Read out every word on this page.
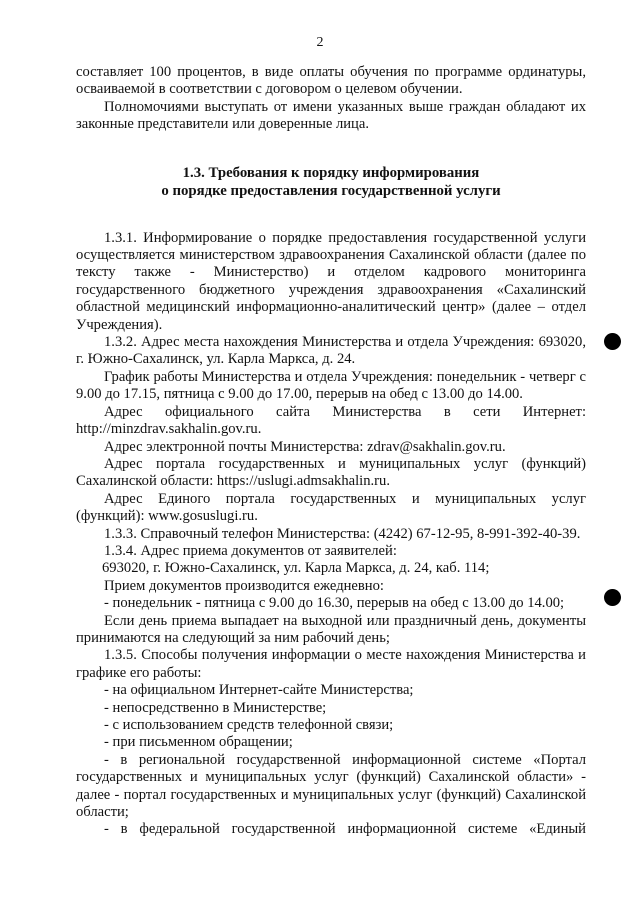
2

составляет 100 процентов, в виде оплаты обучения по программе ординатуры, осваиваемой в соответствии с договором о целевом обучении.

Полномочиями выступать от имени указанных выше граждан обладают их законные представители или доверенные лица.

1.3. Требования к порядку информирования

о порядке предоставления государственной услуги

1.3.1. Информирование о порядке предоставления государственной услуги осуществляется министерством здравоохранения Сахалинской области (далее по тексту также - Министерство) и отделом кадрового мониторинга государственного бюджетного учреждения здравоохранения «Сахалинский областной медицинский информационно-аналитический центр» (далее – отдел Учреждения).

1.3.2. Адрес места нахождения Министерства и отдела Учреждения: 693020, г. Южно-Сахалинск, ул. Карла Маркса, д. 24.

График работы Министерства и отдела Учреждения: понедельник - четверг с 9.00 до 17.15, пятница с 9.00 до 17.00, перерыв на обед с 13.00 до 14.00.

Адрес официального сайта Министерства в сети Интернет: http://minzdrav.sakhalin.gov.ru.

Адрес электронной почты Министерства: zdrav@sakhalin.gov.ru.

Адрес портала государственных и муниципальных услуг (функций) Сахалинской области: https://uslugi.admsakhalin.ru.

Адрес Единого портала государственных и муниципальных услуг (функций): www.gosuslugi.ru.

1.3.3. Справочный телефон Министерства: (4242) 67-12-95, 8-991-392-40-39.

1.3.4. Адрес приема документов от заявителей:

693020, г. Южно-Сахалинск, ул. Карла Маркса, д. 24, каб. 114;

Прием документов производится ежедневно:

- понедельник - пятница с 9.00 до 16.30, перерыв на обед с 13.00 до 14.00;

Если день приема выпадает на выходной или праздничный день, документы принимаются на следующий за ним рабочий день;

1.3.5. Способы получения информации о месте нахождения Министерства и графике его работы:

- на официальном Интернет-сайте Министерства;

- непосредственно в Министерстве;

- с использованием средств телефонной связи;

- при письменном обращении;

- в региональной государственной информационной системе «Портал государственных и муниципальных услуг (функций) Сахалинской области» - далее - портал государственных и муниципальных услуг (функций) Сахалинской области;

- в федеральной государственной информационной системе «Единый
